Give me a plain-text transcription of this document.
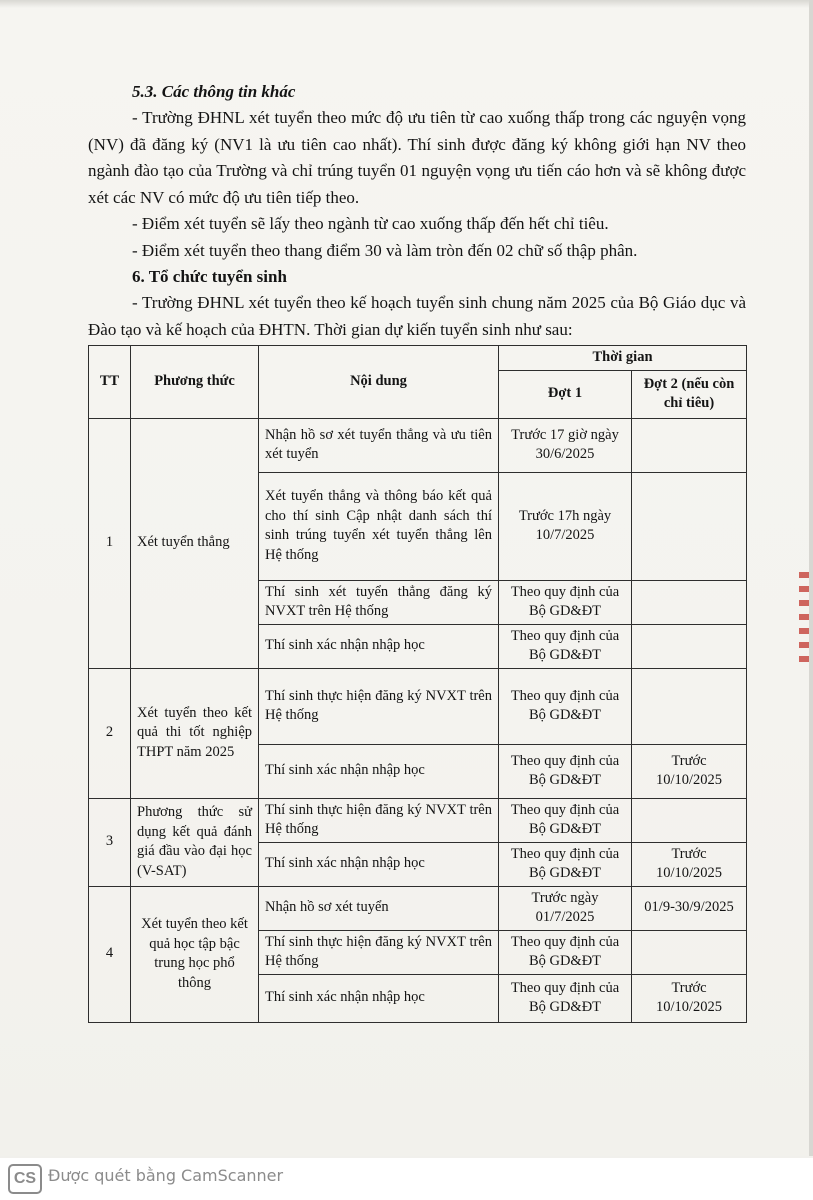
5.3. Các thông tin khác

- Trường ĐHNL xét tuyển theo mức độ ưu tiên từ cao xuống thấp trong các nguyện vọng (NV) đã đăng ký (NV1 là ưu tiên cao nhất). Thí sinh được đăng ký không giới hạn NV theo ngành đào tạo của Trường và chỉ trúng tuyển 01 nguyện vọng ưu tiến cáo hơn và sẽ không được xét các NV có mức độ ưu tiên tiếp theo.

- Điểm xét tuyển sẽ lấy theo ngành từ cao xuống thấp đến hết chỉ tiêu.

- Điểm xét tuyển theo thang điểm 30 và làm tròn đến 02 chữ số thập phân.

6. Tổ chức tuyển sinh

- Trường ĐHNL xét tuyển theo kế hoạch tuyển sinh chung năm 2025 của Bộ Giáo dục và Đào tạo và kế hoạch của ĐHTN. Thời gian dự kiến tuyển sinh như sau:

TT	Phương thức	Nội dung	Thời gian	
			Đợt 1	Đợt 2 (nếu còn chỉ tiêu)
1	Xét tuyển thẳng	Nhận hồ sơ xét tuyển thẳng và ưu tiên xét tuyển	Trước 17 giờ ngày 30/6/2025	
		Xét tuyển thẳng và thông báo kết quả cho thí sinh Cập nhật danh sách thí sinh trúng tuyển xét tuyển thẳng lên Hệ thống	Trước 17h ngày 10/7/2025	
		Thí sinh xét tuyển thẳng đăng ký NVXT trên Hệ thống	Theo quy định của Bộ GD&ĐT	
		Thí sinh xác nhận nhập học	Theo quy định của Bộ GD&ĐT	
2	Xét tuyển theo kết quả thi tốt nghiệp THPT năm 2025	Thí sinh thực hiện đăng ký NVXT trên Hệ thống	Theo quy định của Bộ GD&ĐT	
		Thí sinh xác nhận nhập học	Theo quy định của Bộ GD&ĐT	Trước 10/10/2025
3	Phương thức sử dụng kết quả đánh giá đầu vào đại học (V-SAT)	Thí sinh thực hiện đăng ký NVXT trên Hệ thống	Theo quy định của Bộ GD&ĐT	
		Thí sinh xác nhận nhập học	Theo quy định của Bộ GD&ĐT	Trước 10/10/2025
4	Xét tuyển theo kết quả học tập bậc trung học phổ thông	Nhận hồ sơ xét tuyển	Trước ngày 01/7/2025	01/9-30/9/2025
		Thí sinh thực hiện đăng ký NVXT trên Hệ thống	Theo quy định của Bộ GD&ĐT	
		Thí sinh xác nhận nhập học	Theo quy định của Bộ GD&ĐT	Trước 10/10/2025
CS Được quét bằng CamScanner
